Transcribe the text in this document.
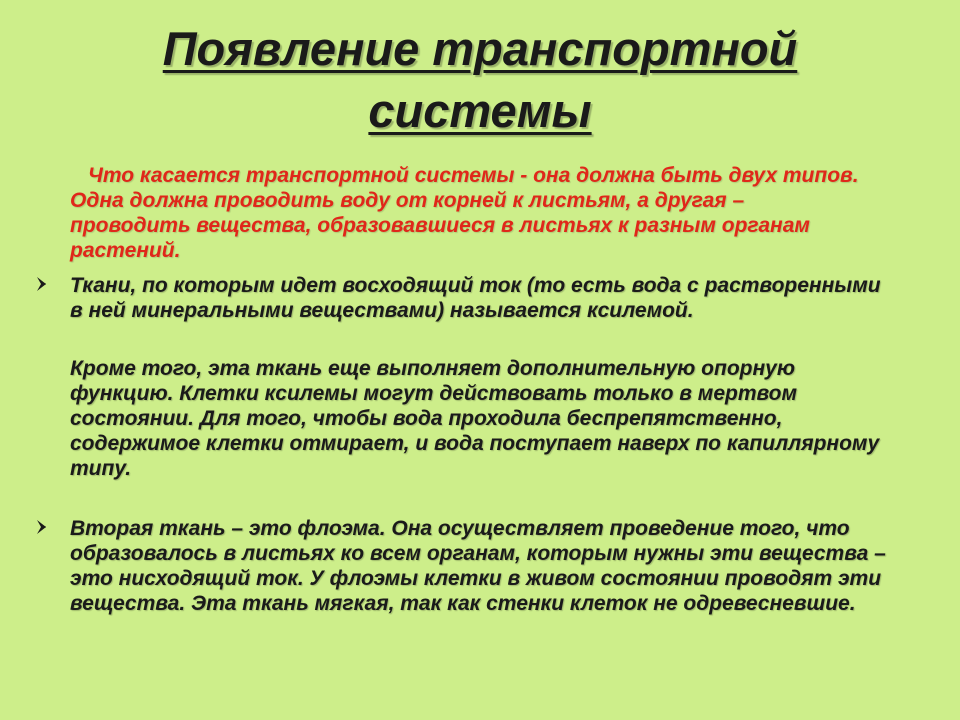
Появление транспортной
системы

Что касается транспортной системы - она должна быть двух типов. Одна должна проводить воду от корней к листьям, а другая – проводить вещества, образовавшиеся в листьях к разным органам растений.

Ткани, по которым идет восходящий ток (то есть вода с растворенными в ней минеральными веществами) называется ксилемой.

Кроме того, эта ткань еще выполняет дополнительную опорную функцию. Клетки ксилемы могут действовать только в мертвом состоянии. Для того, чтобы вода проходила беспрепятственно, содержимое клетки отмирает, и вода поступает наверх по капиллярному типу.

Вторая ткань – это флоэма. Она осуществляет проведение того, что образовалось в листьях ко всем органам, которым нужны эти вещества – это нисходящий ток. У флоэмы клетки в живом состоянии проводят эти вещества. Эта ткань мягкая, так как стенки клеток не одревесневшие.
